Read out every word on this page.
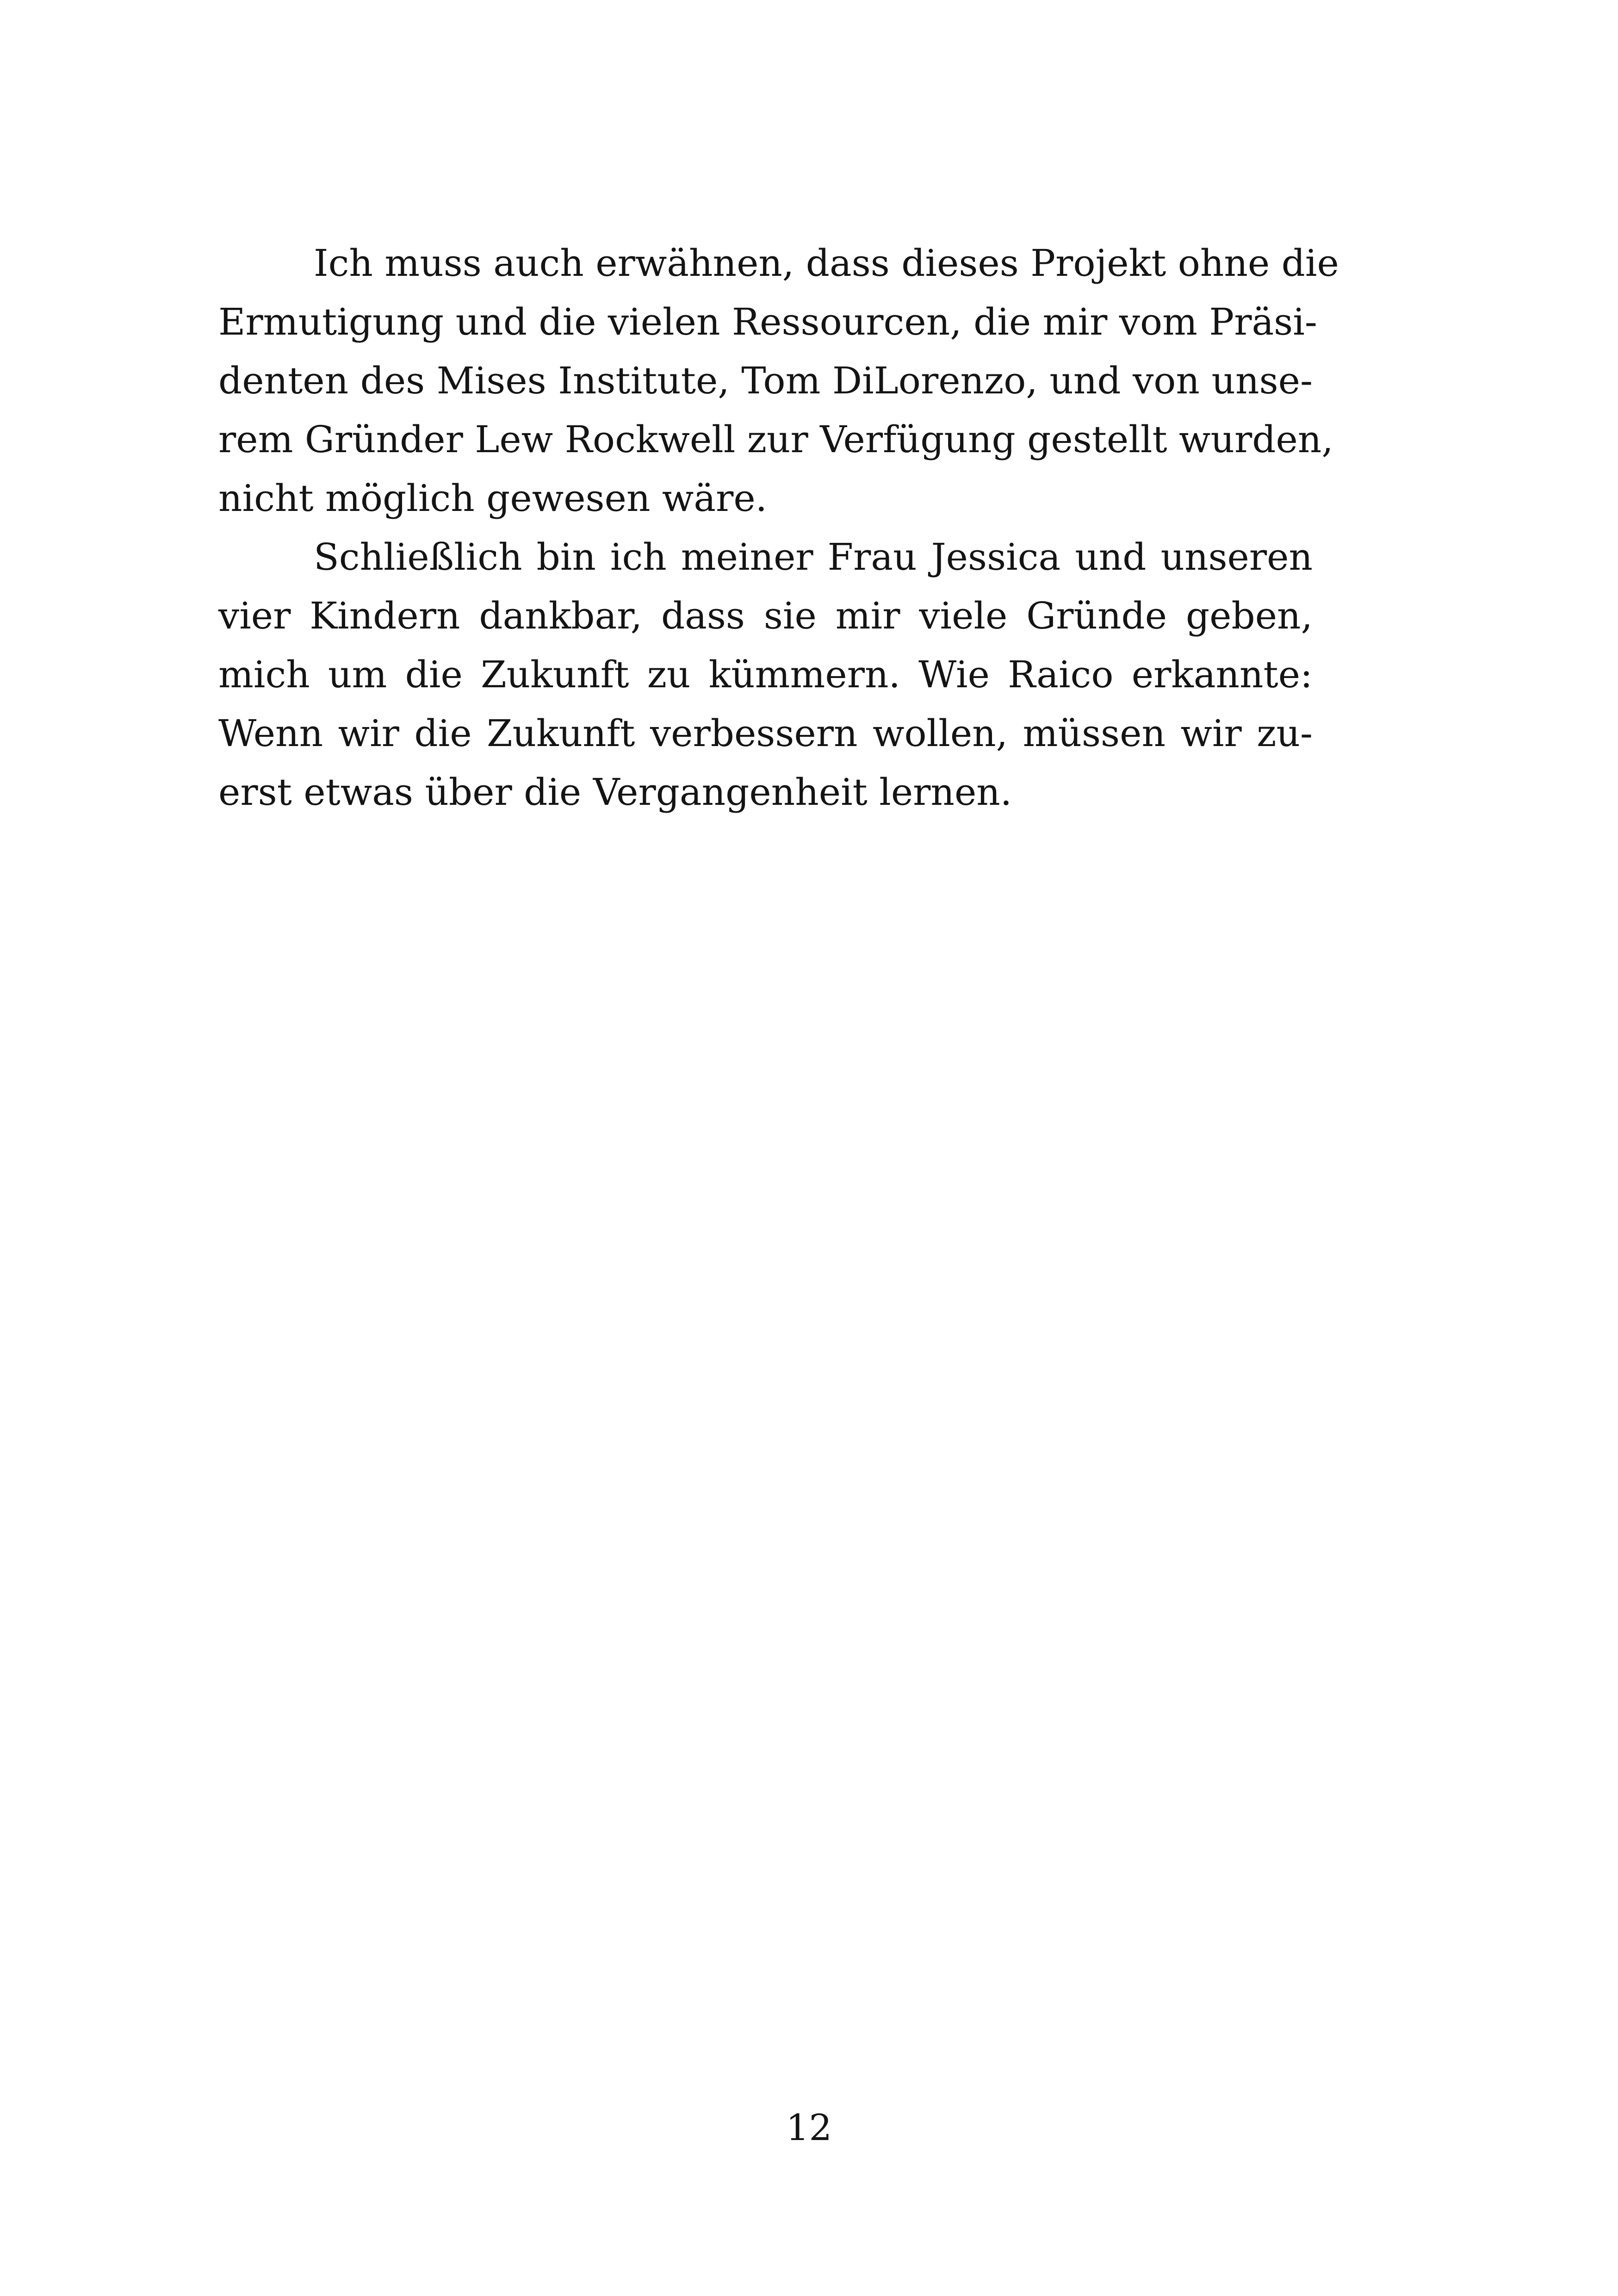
Ich muss auch erwähnen, dass dieses Projekt ohne die
Ermutigung und die vielen Ressourcen, die mir vom Präsi-
denten des Mises Institute, Tom DiLorenzo, und von unse-
rem Gründer Lew Rockwell zur Verfügung gestellt wurden,
nicht möglich gewesen wäre.
Schließlich bin ich meiner Frau Jessica und unseren
vier Kindern dankbar, dass sie mir viele Gründe geben,
mich um die Zukunft zu kümmern. Wie Raico erkannte:
Wenn wir die Zukunft verbessern wollen, müssen wir zu-
erst etwas über die Vergangenheit lernen.
12
